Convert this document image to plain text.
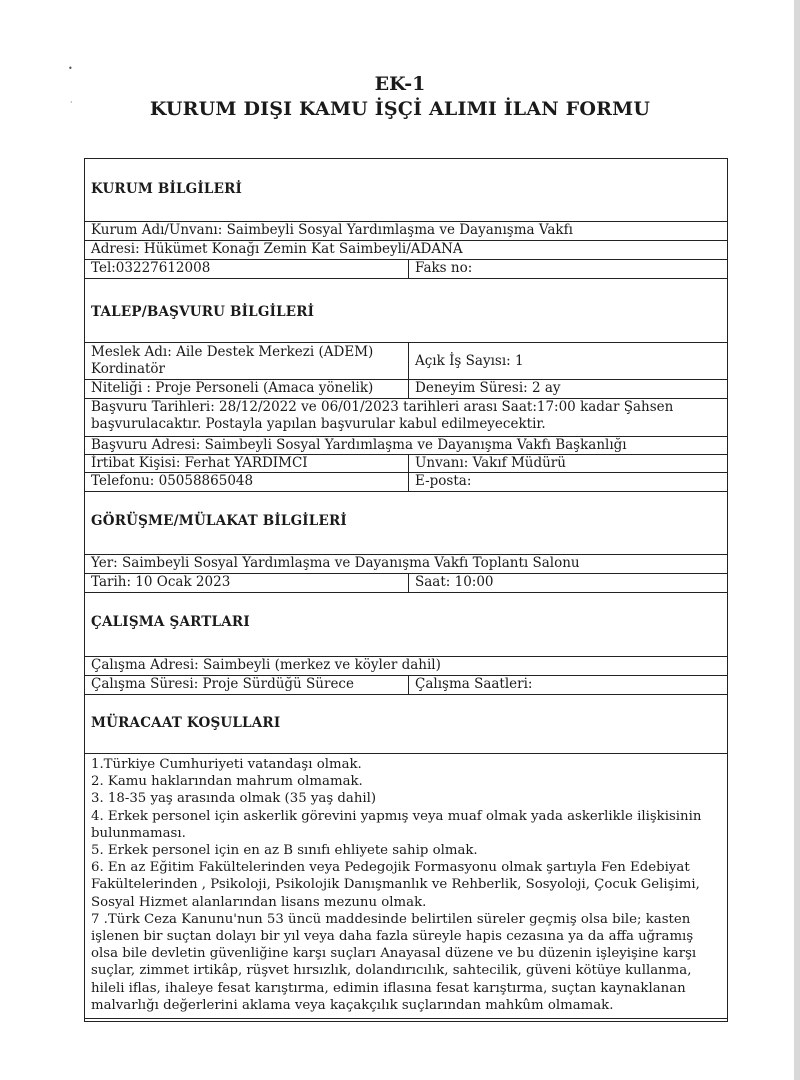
•
·
EK-1
KURUM DIŞI KAMU İŞÇİ ALIMI İLAN FORMU
KURUM BİLGİLERİ
Kurum Adı/Unvanı: Saimbeyli Sosyal Yardımlaşma ve Dayanışma Vakfı
Adresi: Hükümet Konağı Zemin Kat Saimbeyli/ADANA
Tel:03227612008	Faks no:
TALEP/BAŞVURU BİLGİLERİ
Meslek Adı: Aile Destek Merkezi (ADEM)
Kordinatör	Açık İş Sayısı: 1
Niteliği : Proje Personeli (Amaca yönelik)	Deneyim Süresi: 2 ay
Başvuru Tarihleri: 28/12/2022 ve 06/01/2023 tarihleri arası Saat:17:00 kadar Şahsen başvurulacaktır. Postayla yapılan başvurular kabul edilmeyecektir.
Başvuru Adresi: Saimbeyli Sosyal Yardımlaşma ve Dayanışma Vakfı Başkanlığı
İrtibat Kişisi: Ferhat YARDIMCI	Unvanı: Vakıf Müdürü
Telefonu: 05058865048	E-posta:
GÖRÜŞME/MÜLAKAT BİLGİLERİ
Yer: Saimbeyli Sosyal Yardımlaşma ve Dayanışma Vakfı Toplantı Salonu
Tarih: 10 Ocak 2023	Saat: 10:00
ÇALIŞMA ŞARTLARI
Çalışma Adresi: Saimbeyli (merkez ve köyler dahil)
Çalışma Süresi: Proje Sürdüğü Sürece	Çalışma Saatleri:
MÜRACAAT KOŞULLARI

1.Türkiye Cumhuriyeti vatandaşı olmak.

2. Kamu haklarından mahrum olmamak.

3. 18-35 yaş arasında olmak (35 yaş dahil)

4. Erkek personel için askerlik görevini yapmış veya muaf olmak yada askerlikle ilişkisinin bulunmaması.

5. Erkek personel için en az B sınıfı ehliyete sahip olmak.

6. En az Eğitim Fakültelerinden veya Pedegojik Formasyonu olmak şartıyla Fen Edebiyat Fakültelerinden , Psikoloji, Psikolojik Danışmanlık ve Rehberlik, Sosyoloji, Çocuk Gelişimi, Sosyal Hizmet alanlarından lisans mezunu olmak.

7 .Türk Ceza Kanunu'nun 53 üncü maddesinde belirtilen süreler geçmiş olsa bile; kasten işlenen bir suçtan dolayı bir yıl veya daha fazla süreyle hapis cezasına ya da affa uğramış olsa bile devletin güvenliğine karşı suçları Anayasal düzene ve bu düzenin işleyişine karşı suçlar, zimmet irtikâp, rüşvet hırsızlık, dolandırıcılık, sahtecilik, güveni kötüye kullanma, hileli iflas, ihaleye fesat karıştırma, edimin iflasına fesat karıştırma, suçtan kaynaklanan malvarlığı değerlerini aklama veya kaçakçılık suçlarından mahkûm olmamak.
